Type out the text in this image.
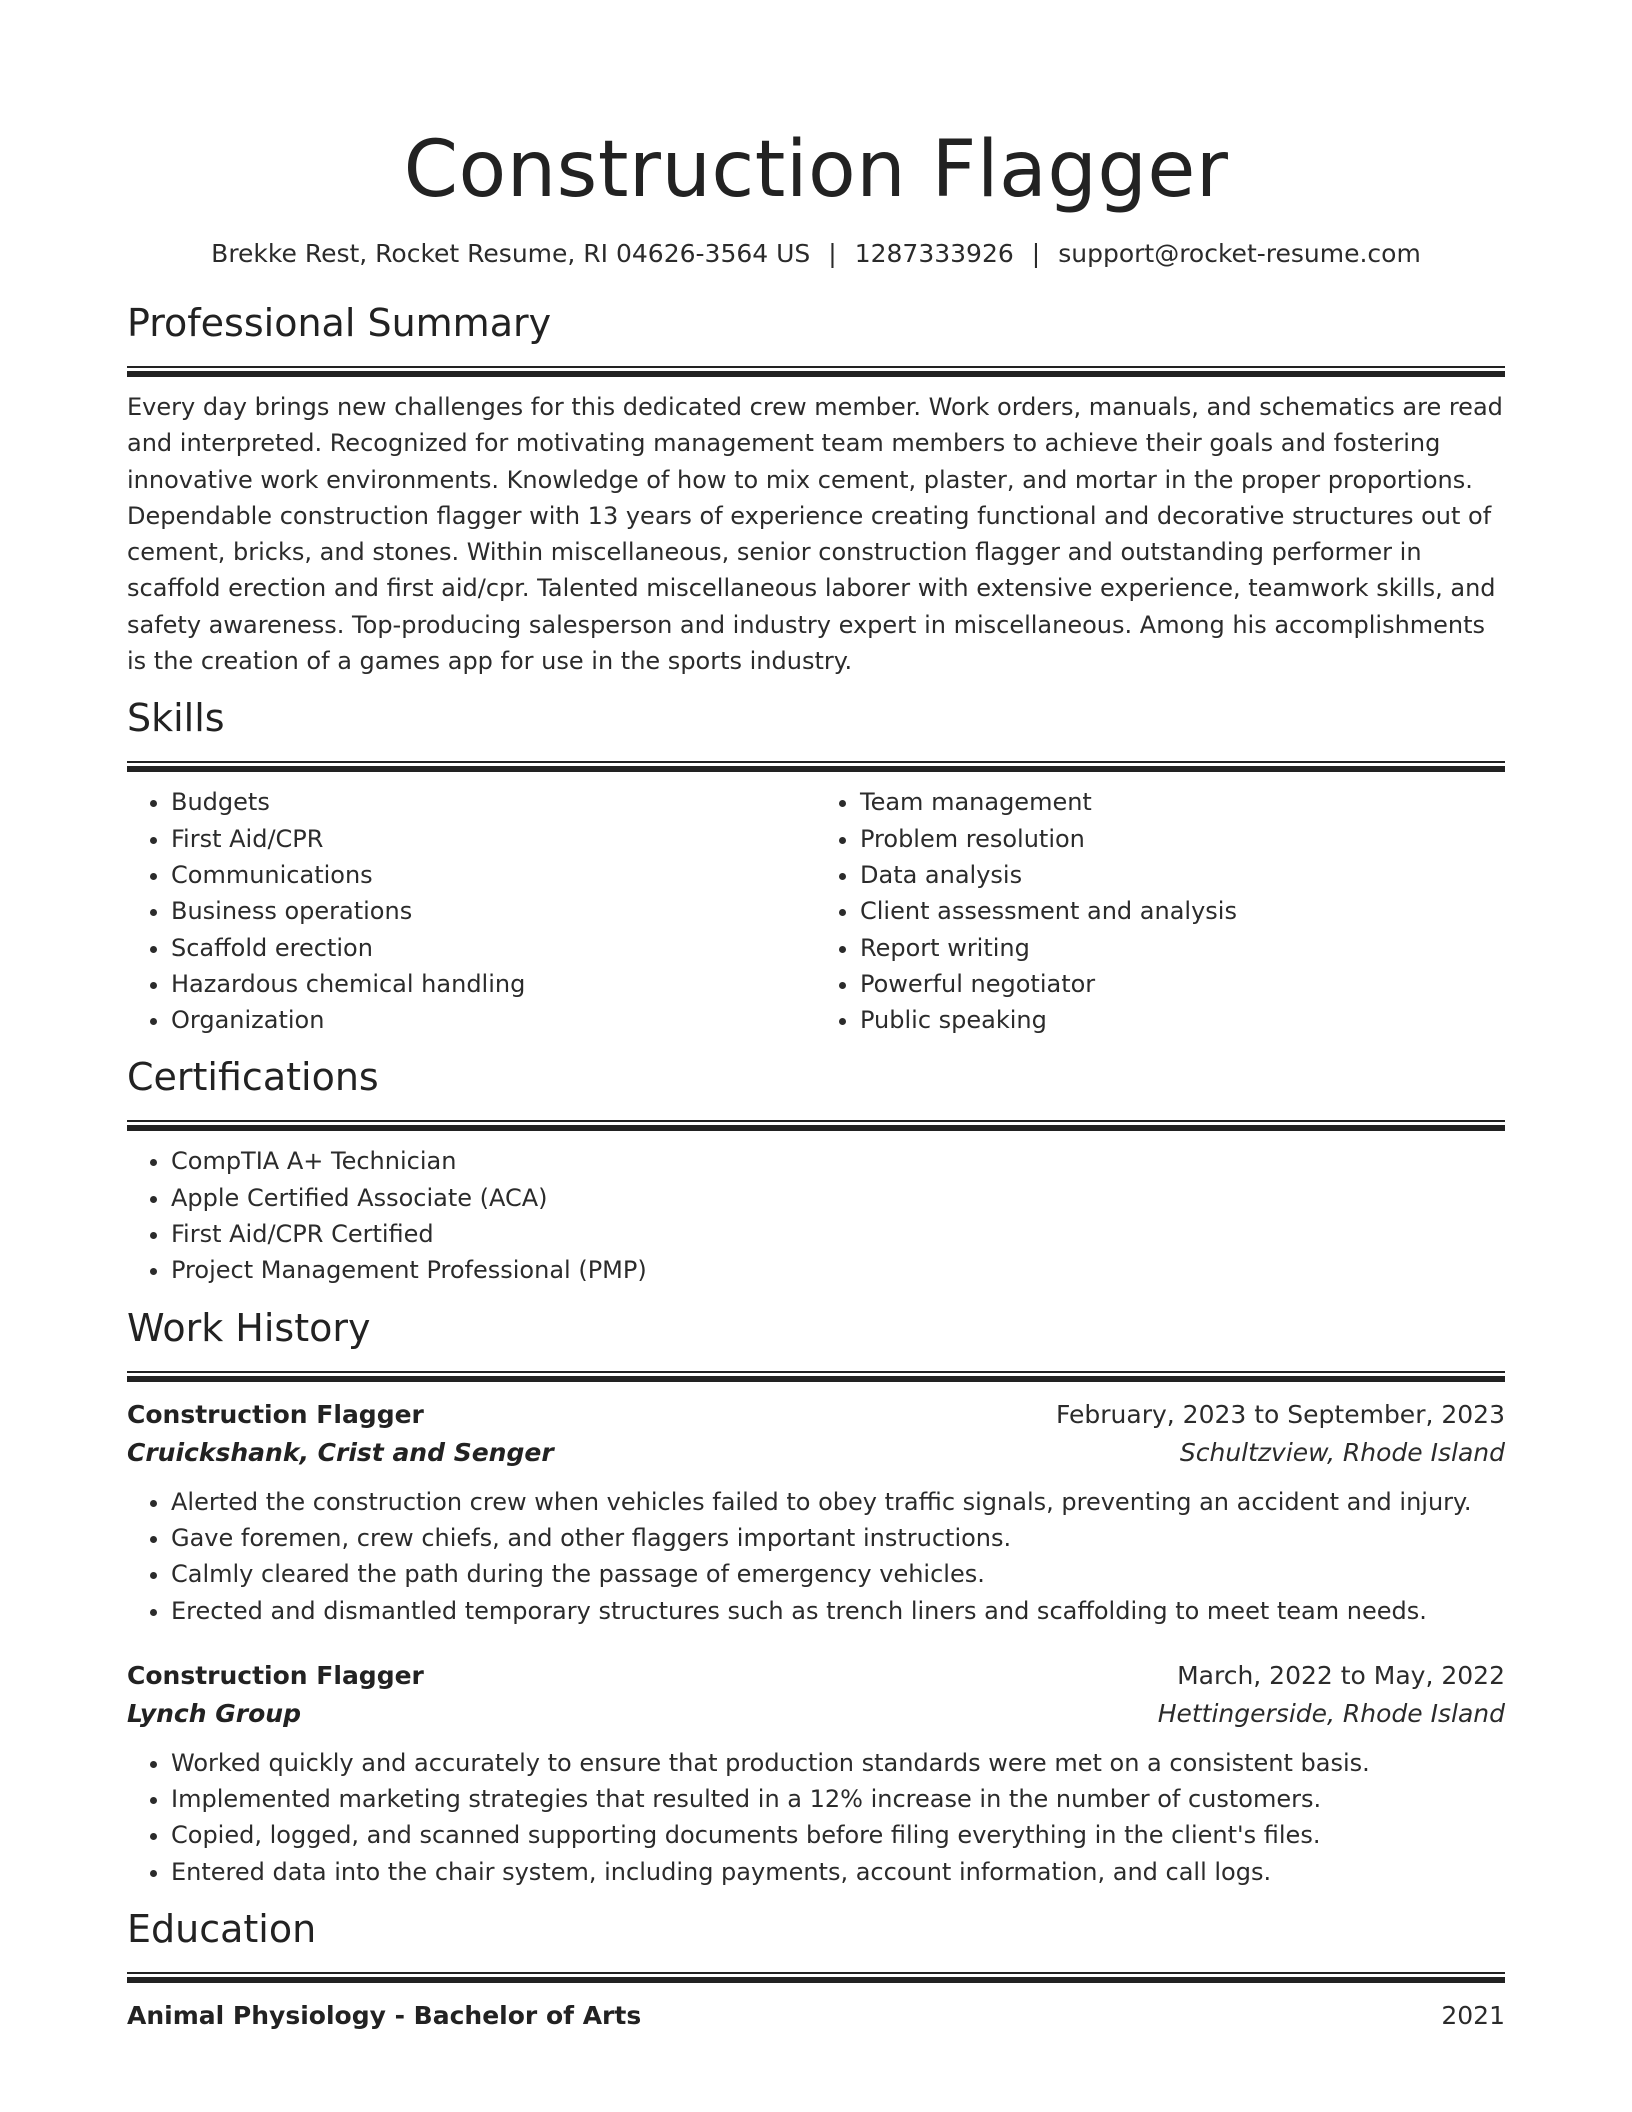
Construction Flagger
Brekke Rest, Rocket Resume, RI 04626-3564 US | 1287333926 | support@rocket-resume.com
Professional Summary

Every day brings new challenges for this dedicated crew member. Work orders, manuals, and schematics are read and interpreted. Recognized for motivating management team members to achieve their goals and fostering innovative work environments. Knowledge of how to mix cement, plaster, and mortar in the proper proportions. Dependable construction flagger with 13 years of experience creating functional and decorative structures out of cement, bricks, and stones. Within miscellaneous, senior construction flagger and outstanding performer in scaffold erection and first aid/cpr. Talented miscellaneous laborer with extensive experience, teamwork skills, and safety awareness. Top-producing salesperson and industry expert in miscellaneous. Among his accomplishments is the creation of a games app for use in the sports industry.

Skills
• Budgets
• First Aid/CPR
• Communications
• Business operations
• Scaffold erection
• Hazardous chemical handling
• Organization
• Team management
• Problem resolution
• Data analysis
• Client assessment and analysis
• Report writing
• Powerful negotiator
• Public speaking
Certifications
• CompTIA A+ Technician
• Apple Certified Associate (ACA)
• First Aid/CPR Certified
• Project Management Professional (PMP)
Work History
Construction Flagger	February, 2023 to September, 2023
Cruickshank, Crist and Senger	Schultzview, Rhode Island
• Alerted the construction crew when vehicles failed to obey traffic signals, preventing an accident and injury.
• Gave foremen, crew chiefs, and other flaggers important instructions.
• Calmly cleared the path during the passage of emergency vehicles.
• Erected and dismantled temporary structures such as trench liners and scaffolding to meet team needs.
Construction Flagger	March, 2022 to May, 2022
Lynch Group	Hettingerside, Rhode Island
• Worked quickly and accurately to ensure that production standards were met on a consistent basis.
• Implemented marketing strategies that resulted in a 12% increase in the number of customers.
• Copied, logged, and scanned supporting documents before filing everything in the client's files.
• Entered data into the chair system, including payments, account information, and call logs.
Education
Animal Physiology - Bachelor of Arts	2021
